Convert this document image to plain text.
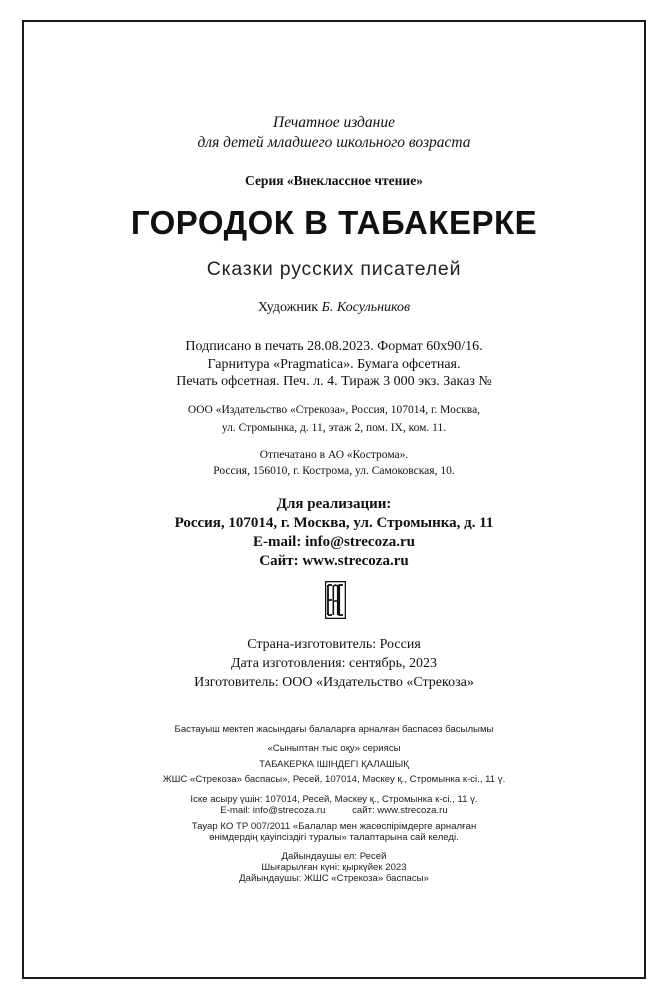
Печатное издание
для детей младшего школьного возраста
Серия «Внеклассное чтение»
ГОРОДОК В ТАБАКЕРКЕ
Сказки русских писателей
Художник Б. Косульников
Подписано в печать 28.08.2023. Формат 60х90/16.
Гарнитура «Pragmatica». Бумага офсетная.
Печать офсетная. Печ. л. 4. Тираж 3 000 экз. Заказ №
ООО «Издательство «Стрекоза», Россия, 107014, г. Москва,
ул. Стромынка, д. 11, этаж 2, пом. IX, ком. 11.
Отпечатано в АО «Кострома».
Россия, 156010, г. Кострома, ул. Самоковская, 10.
Для реализации:
Россия, 107014, г. Москва, ул. Стромынка, д. 11
E-mail: info@strecoza.ru
Сайт: www.strecoza.ru
Страна-изготовитель: Россия
Дата изготовления: сентябрь, 2023
Изготовитель: ООО «Издательство «Стрекоза»
Бастауыш мектеп жасындағы балаларға арналған баспасөз басылымы
«Сыныптан тыс оқу» сериясы
ТАБАКЕРКА ІШІНДЕГІ ҚАЛАШЫҚ
ЖШС «Стрекоза» баспасы», Ресей, 107014, Мәскеу қ., Стромынка к-сі., 11 ү.
Іске асыру үшін: 107014, Ресей, Мәскеу қ., Стромынка к-сі., 11 ү.
E-mail: info@strecoza.ru          сайт: www.strecoza.ru
Тауар КО ТР 007/2011 «Балалар мен жасөспірімдерге арналған
өнімдердің қауіпсіздігі туралы» талаптарына сай келеді.
Дайындаушы ел: Ресей
Шығарылған күні: қыркүйек 2023
Дайындаушы: ЖШС «Стрекоза» баспасы»
